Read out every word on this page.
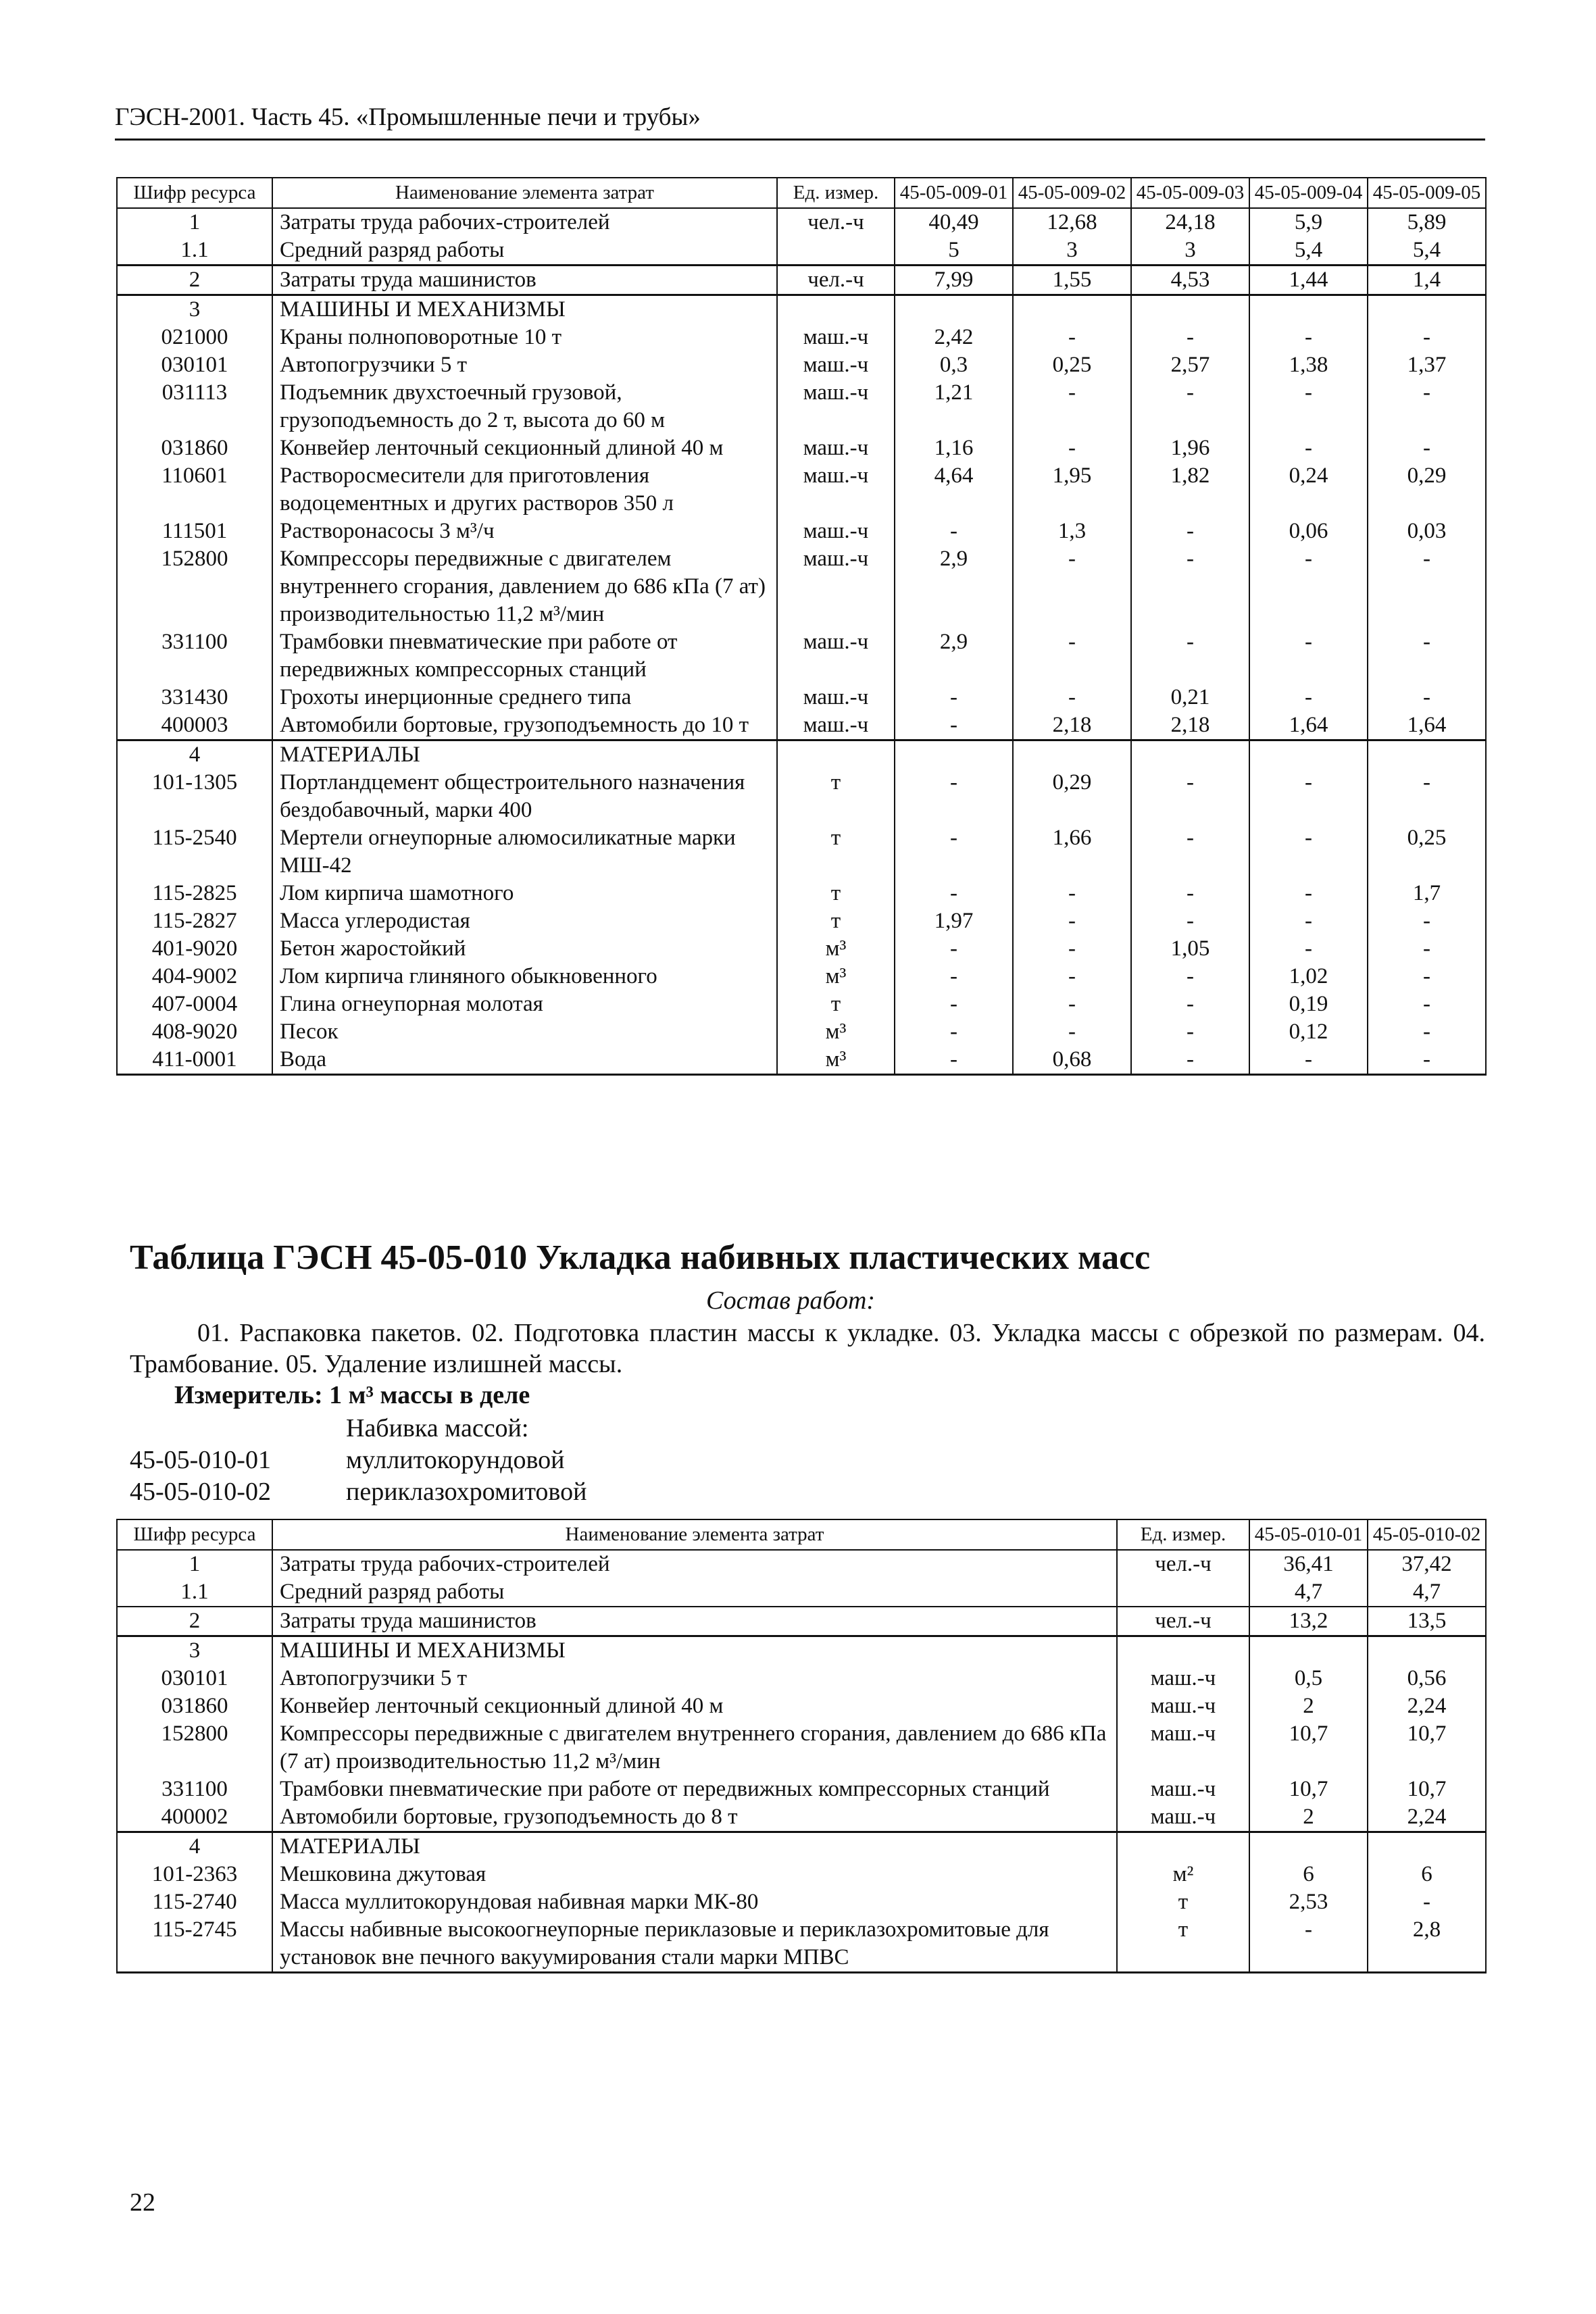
ГЭСН-2001. Часть 45. «Промышленные печи и трубы»
Шифр ресурса	Наименование элемента затрат	Ед. измер.	45-05-009-01	45-05-009-02	45-05-009-03	45-05-009-04	45-05-009-05
1	Затраты труда рабочих-строителей	чел.-ч	40,49	12,68	24,18	5,9	5,89
1.1	Средний разряд работы		5	3	3	5,4	5,4
2	Затраты труда машинистов	чел.-ч	7,99	1,55	4,53	1,44	1,4
3	МАШИНЫ И МЕХАНИЗМЫ						
021000	Краны полноповоротные 10 т	маш.-ч	2,42	-	-	-	-
030101	Автопогрузчики 5 т	маш.-ч	0,3	0,25	2,57	1,38	1,37
031113	Подъемник двухстоечный грузовой, грузоподъемность до 2 т, высота до 60 м	маш.-ч	1,21	-	-	-	-
031860	Конвейер ленточный секционный длиной 40 м	маш.-ч	1,16	-	1,96	-	-
110601	Растворосмесители для приготовления водоцементных и других растворов 350 л	маш.-ч	4,64	1,95	1,82	0,24	0,29
111501	Растворонасосы 3 м³/ч	маш.-ч	-	1,3	-	0,06	0,03
152800	Компрессоры передвижные с двигателем внутреннего сгорания, давлением до 686 кПа (7 ат) производительностью 11,2 м³/мин	маш.-ч	2,9	-	-	-	-
331100	Трамбовки пневматические при работе от передвижных компрессорных станций	маш.-ч	2,9	-	-	-	-
331430	Грохоты инерционные среднего типа	маш.-ч	-	-	0,21	-	-
400003	Автомобили бортовые, грузоподъемность до 10 т	маш.-ч	-	2,18	2,18	1,64	1,64
4	МАТЕРИАЛЫ						
101-1305	Портландцемент общестроительного назначения бездобавочный, марки 400	т	-	0,29	-	-	-
115-2540	Мертели огнеупорные алюмосиликатные марки МШ-42	т	-	1,66	-	-	0,25
115-2825	Лом кирпича шамотного	т	-	-	-	-	1,7
115-2827	Масса углеродистая	т	1,97	-	-	-	-
401-9020	Бетон жаростойкий	м³	-	-	1,05	-	-
404-9002	Лом кирпича глиняного обыкновенного	м³	-	-	-	1,02	-
407-0004	Глина огнеупорная молотая	т	-	-	-	0,19	-
408-9020	Песок	м³	-	-	-	0,12	-
411-0001	Вода	м³	-	0,68	-	-	-
Таблица ГЭСН 45-05-010 Укладка набивных пластических масс
Состав работ:
01. Распаковка пакетов. 02. Подготовка пластин массы к укладке. 03. Укладка массы с обрезкой по размерам. 04. Трамбование. 05. Удаление излишней массы.
Измеритель: 1 м³ массы в деле
Набивка массой:
45-05-010-01	муллитокорундовой
45-05-010-02	периклазохромитовой
Шифр ресурса	Наименование элемента затрат	Ед. измер.	45-05-010-01	45-05-010-02
1	Затраты труда рабочих-строителей	чел.-ч	36,41	37,42
1.1	Средний разряд работы		4,7	4,7
2	Затраты труда машинистов	чел.-ч	13,2	13,5
3	МАШИНЫ И МЕХАНИЗМЫ			
030101	Автопогрузчики 5 т	маш.-ч	0,5	0,56
031860	Конвейер ленточный секционный длиной 40 м	маш.-ч	2	2,24
152800	Компрессоры передвижные с двигателем внутреннего сгорания, давлением до 686 кПа (7 ат) производительностью 11,2 м³/мин	маш.-ч	10,7	10,7
331100	Трамбовки пневматические при работе от передвижных компрессорных станций	маш.-ч	10,7	10,7
400002	Автомобили бортовые, грузоподъемность до 8 т	маш.-ч	2	2,24
4	МАТЕРИАЛЫ			
101-2363	Мешковина джутовая	м²	6	6
115-2740	Масса муллитокорундовая набивная марки МК-80	т	2,53	-
115-2745	Массы набивные высокоогнеупорные периклазовые и периклазохромитовые для установок вне печного вакуумирования стали марки МПВС	т	-	2,8
22
